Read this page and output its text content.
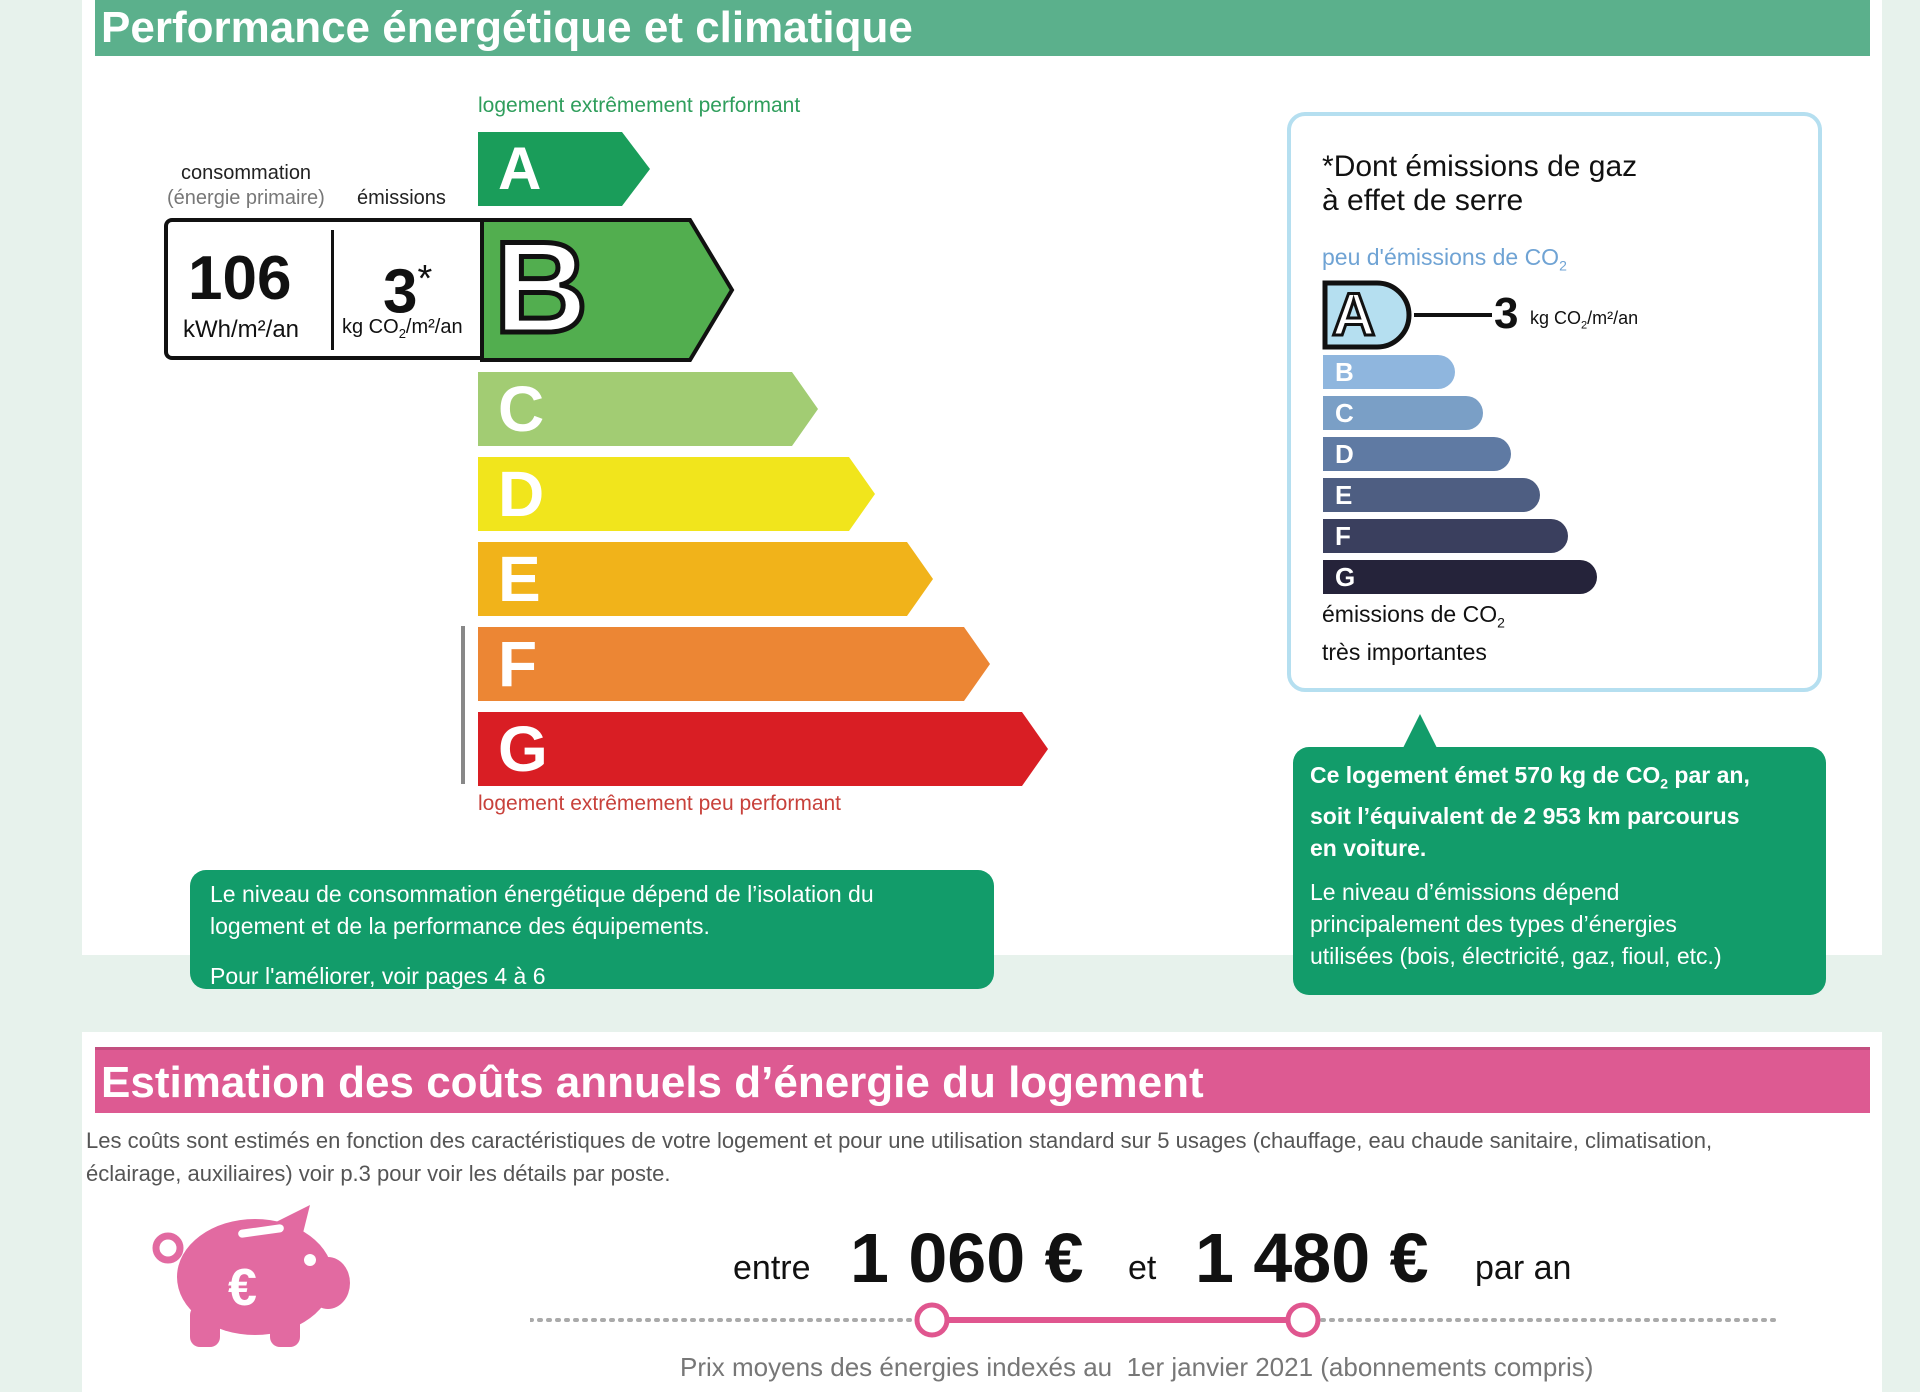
Performance énergétique et climatique
logement extrêmement performant
A
B
consommation
(énergie primaire) émissions
106
kWh/m²/an
3*
kg $CO_2/m^2/an$
C
D
E
F
G
logement extrêmement peu performant
Le niveau de consommation énergétique dépend de l’isolation du
logement et de la performance des équipements.
Pour l'améliorer, voir pages 4 à 6
*Dont émissions de gaz
à effet de serre
peu d'émissions de $CO_2$
A	3 kg $CO_2/m^2/an$
B
C
D
E
F
G
émissions de $CO_2$
très importantes
Ce logement émet 570 kg de $CO_2$ par an,
soit l’équivalent de 2 953 km parcourus
en voiture.
Le niveau d’émissions dépend
principalement des types d’énergies
utilisées (bois, électricité, gaz, fioul, etc.)
Estimation des coûts annuels d’énergie du logement
Les coûts sont estimés en fonction des caractéristiques de votre logement et pour une utilisation standard sur 5 usages (chauffage, eau chaude sanitaire, climatisation,
éclairage, auxiliaires) voir p.3 pour voir les détails par poste.
€	entre 1 060 € et 1 480 € par an
Prix moyens des énergies indexés au 1er janvier 2021 (abonnements compris)
